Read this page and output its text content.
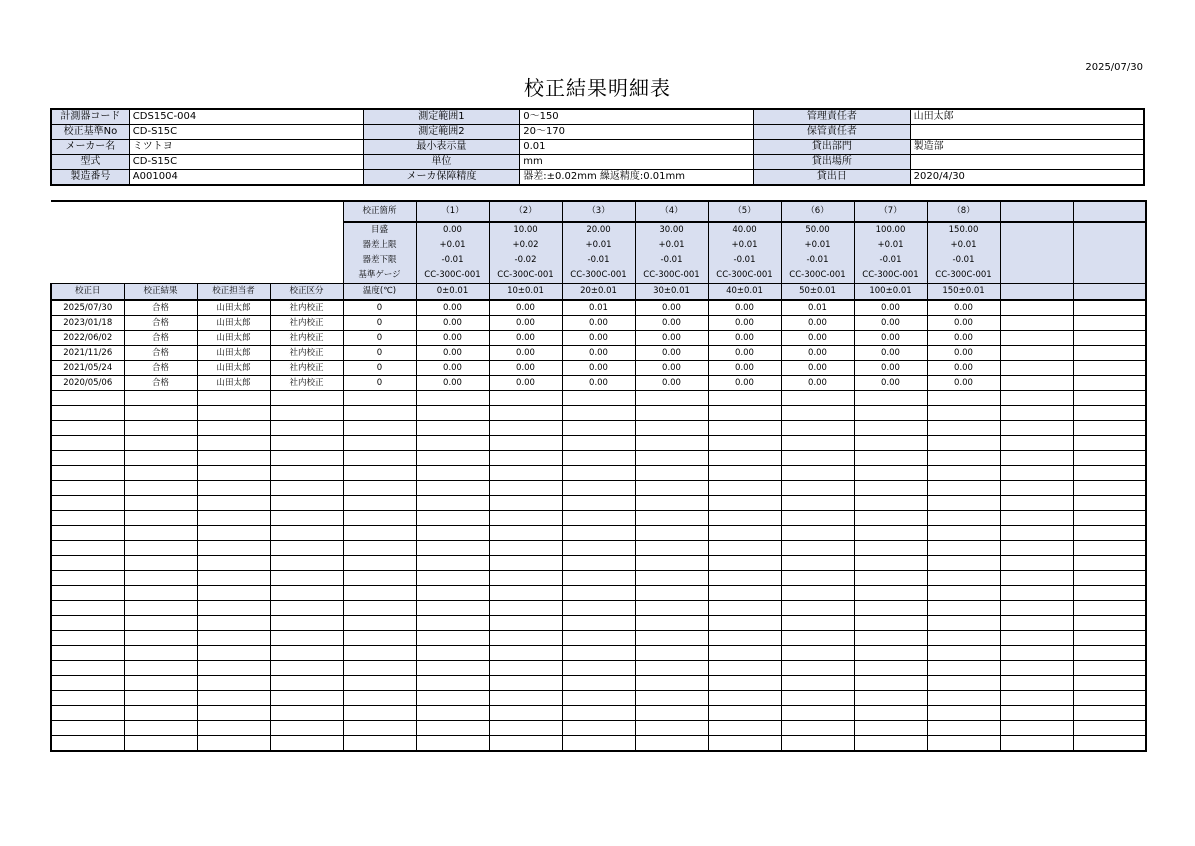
2025/07/30
校正結果明細表
計測器コード	CDS15C-004	測定範囲1	0〜150	管理責任者	山田太郎
校正基準No	CD-S15C	測定範囲2	20〜170	保管責任者	
メーカー名	ミツトヨ	最小表示量	0.01	貸出部門	製造部
型式	CD-S15C	単位	mm	貸出場所	
製造番号	A001004	メーカ保障精度	器差:±0.02mm 繰返精度:0.01mm	貸出日	2020/4/30
				校正箇所	（1）	（2）	（3）	（4）	（5）	（6）	（7）	（8）		
				目盛	0.00	10.00	20.00	30.00	40.00	50.00	100.00	150.00		
				器差上限	+0.01	+0.02	+0.01	+0.01	+0.01	+0.01	+0.01	+0.01		
				器差下限	-0.01	-0.02	-0.01	-0.01	-0.01	-0.01	-0.01	-0.01		
				基準ゲージ	CC-300C-001	CC-300C-001	CC-300C-001	CC-300C-001	CC-300C-001	CC-300C-001	CC-300C-001	CC-300C-001		
校正日	校正結果	校正担当者	校正区分	温度(℃)	0±0.01	10±0.01	20±0.01	30±0.01	40±0.01	50±0.01	100±0.01	150±0.01		
2025/07/30	合格	山田太郎	社内校正	0	0.00	0.00	0.01	0.00	0.00	0.01	0.00	0.00		
2023/01/18	合格	山田太郎	社内校正	0	0.00	0.00	0.00	0.00	0.00	0.00	0.00	0.00		
2022/06/02	合格	山田太郎	社内校正	0	0.00	0.00	0.00	0.00	0.00	0.00	0.00	0.00		
2021/11/26	合格	山田太郎	社内校正	0	0.00	0.00	0.00	0.00	0.00	0.00	0.00	0.00		
2021/05/24	合格	山田太郎	社内校正	0	0.00	0.00	0.00	0.00	0.00	0.00	0.00	0.00		
2020/05/06	合格	山田太郎	社内校正	0	0.00	0.00	0.00	0.00	0.00	0.00	0.00	0.00		
